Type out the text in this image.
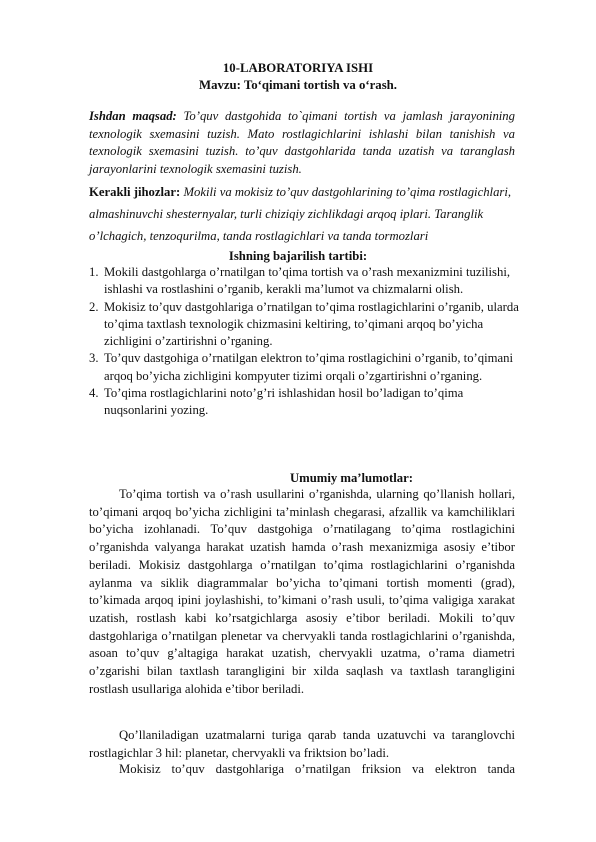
10-LABORATORIYA ISHI
Mavzu: To‘qimani tortish va o‘rash.
Ishdan maqsad: To’quv dastgohida to`qimani tortish va jamlash jarayonining texnologik sxemasini tuzish. Mato rostlagichlarini ishlashi bilan tanishish va texnologik sxemasini tuzish. to’quv dastgohlarida tanda uzatish va taranglash jarayonlarini texnologik sxemasini tuzish.
Kerakli jihozlar: Mokili va mokisiz to’quv dastgohlarining to’qima rostlagichlari, almashinuvchi shesternyalar, turli chiziqiy zichlikdagi arqoq iplari. Taranglik o’lchagich, tenzoqurilma, tanda rostlagichlari va tanda tormozlari
Ishning bajarilish tartibi:
1. Mokili dastgohlarga o’rnatilgan to’qima tortish va o’rash mexanizmini tuzilishi, ishlashi va rostlashini o’rganib, kerakli ma’lumot va chizmalarni olish.
2. Mokisiz to’quv dastgohlariga o’rnatilgan to’qima rostlagichlarini o’rganib, ularda to’qima taxtlash texnologik chizmasini keltiring, to’qimani arqoq bo’yicha zichligini o’zartirishni o’rganing.
3. To’quv dastgohiga o’rnatilgan elektron to’qima rostlagichini o’rganib, to’qimani arqoq bo’yicha zichligini kompyuter tizimi orqali o’zgartirishni o’rganing.
4. To’qima rostlagichlarini noto’g’ri ishlashidan hosil bo’ladigan to’qima nuqsonlarini yozing.
Umumiy ma’lumotlar:
To’qima tortish va o’rash usullarini o’rganishda, ularning qo’llanish hollari, to’qimani arqoq bo’yicha zichligini ta’minlash chegarasi, afzallik va kamchiliklari bo’yicha izohlanadi. To’quv dastgohiga o’rnatilagang to’qima rostlagichini o’rganishda valyanga harakat uzatish hamda o’rash mexanizmiga asosiy e’tibor beriladi. Mokisiz dastgohlarga o’rnatilgan to’qima rostlagichlarini o’rganishda aylanma va siklik diagrammalar bo’yicha to’qimani tortish momenti (grad), to’kimada arqoq ipini joylashishi, to’kimani o’rash usuli, to’qima valigiga xarakat uzatish, rostlash kabi ko’rsatgichlarga asosiy e’tibor beriladi. Mokili to’quv dastgohlariga o’rnatilgan plenetar va chervyakli tanda rostlagichlarini o’rganishda, asoan to’quv g’altagiga harakat uzatish, chervyakli uzatma, o’rama diametri o’zgarishi bilan taxtlash tarangligini bir xilda saqlash va taxtlash tarangligini rostlash usullariga alohida e’tibor beriladi.
Qo’llaniladigan uzatmalarni turiga qarab tanda uzatuvchi va taranglovchi rostlagichlar 3 hil: planetar, chervyakli va friktsion bo’ladi.
Mokisiz to’quv dastgohlariga o’rnatilgan friksion va elektron tanda
